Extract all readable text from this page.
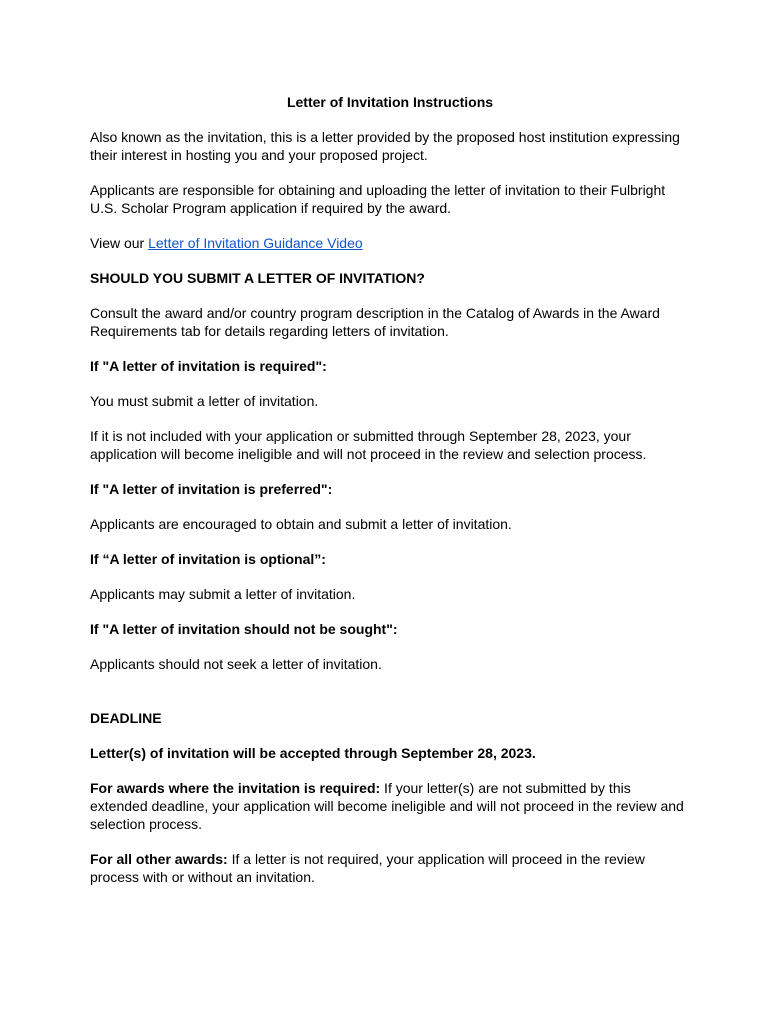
Letter of Invitation Instructions

Also known as the invitation, this is a letter provided by the proposed host institution expressing their interest in hosting you and your proposed project.

Applicants are responsible for obtaining and uploading the letter of invitation to their Fulbright U.S. Scholar Program application if required by the award.

View our Letter of Invitation Guidance Video

SHOULD YOU SUBMIT A LETTER OF INVITATION?

Consult the award and/or country program description in the Catalog of Awards in the Award Requirements tab for details regarding letters of invitation.

If "A letter of invitation is required":

You must submit a letter of invitation.

If it is not included with your application or submitted through September 28, 2023, your application will become ineligible and will not proceed in the review and selection process.

If "A letter of invitation is preferred":

Applicants are encouraged to obtain and submit a letter of invitation.

If “A letter of invitation is optional”:

Applicants may submit a letter of invitation.

If "A letter of invitation should not be sought":

Applicants should not seek a letter of invitation.

DEADLINE

Letter(s) of invitation will be accepted through September 28, 2023.

For awards where the invitation is required: If your letter(s) are not submitted by this extended deadline, your application will become ineligible and will not proceed in the review and selection process.

For all other awards: If a letter is not required, your application will proceed in the review process with or without an invitation.
